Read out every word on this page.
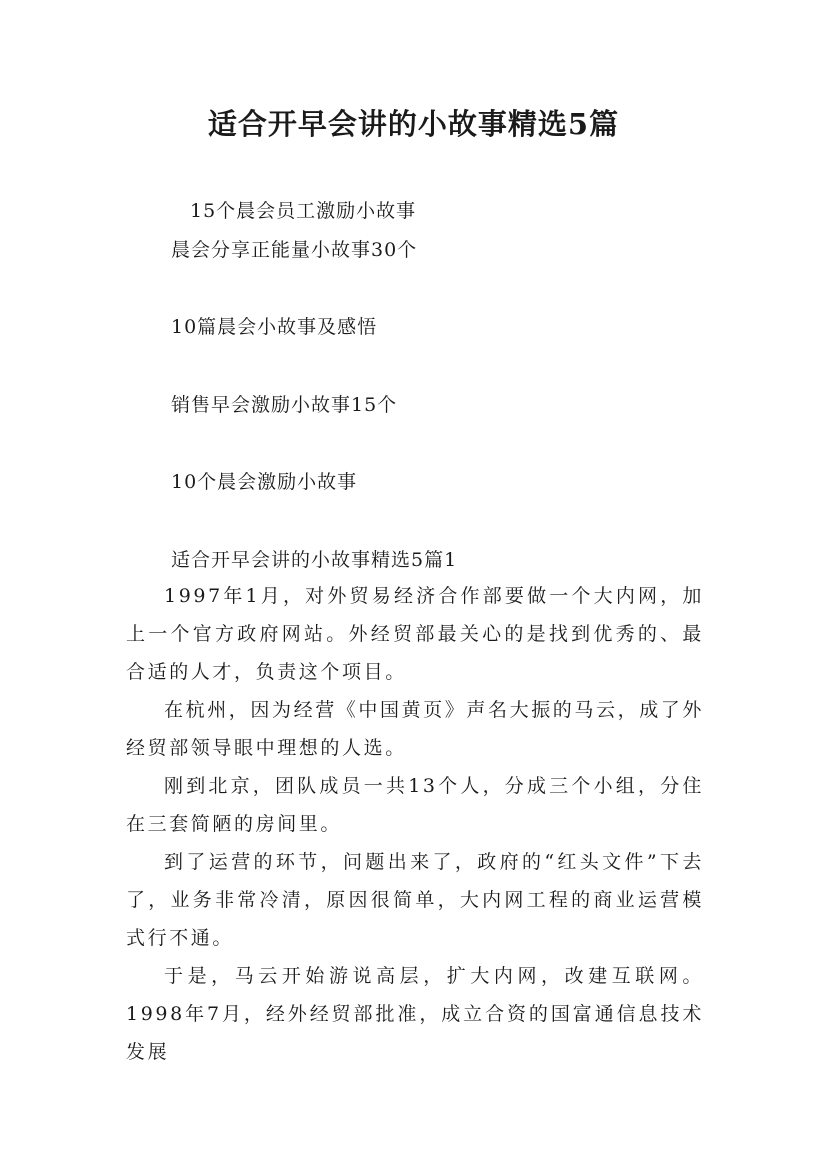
适合开早会讲的小故事精选5篇
15个晨会员工激励小故事
晨会分享正能量小故事30个
10篇晨会小故事及感悟
销售早会激励小故事15个
10个晨会激励小故事
适合开早会讲的小故事精选5篇1

1997年1月，对外贸易经济合作部要做一个大内网，加上一个官方政府网站。外经贸部最关心的是找到优秀的、最合适的人才，负责这个项目。

在杭州，因为经营《中国黄页》声名大振的马云，成了外经贸部领导眼中理想的人选。

刚到北京，团队成员一共13个人，分成三个小组，分住在三套简陋的房间里。

到了运营的环节，问题出来了，政府的“红头文件”下去了，业务非常冷清，原因很简单，大内网工程的商业运营模式行不通。

于是，马云开始游说高层，扩大内网，改建互联网。1998年7月，经外经贸部批准，成立合资的国富通信息技术发展
